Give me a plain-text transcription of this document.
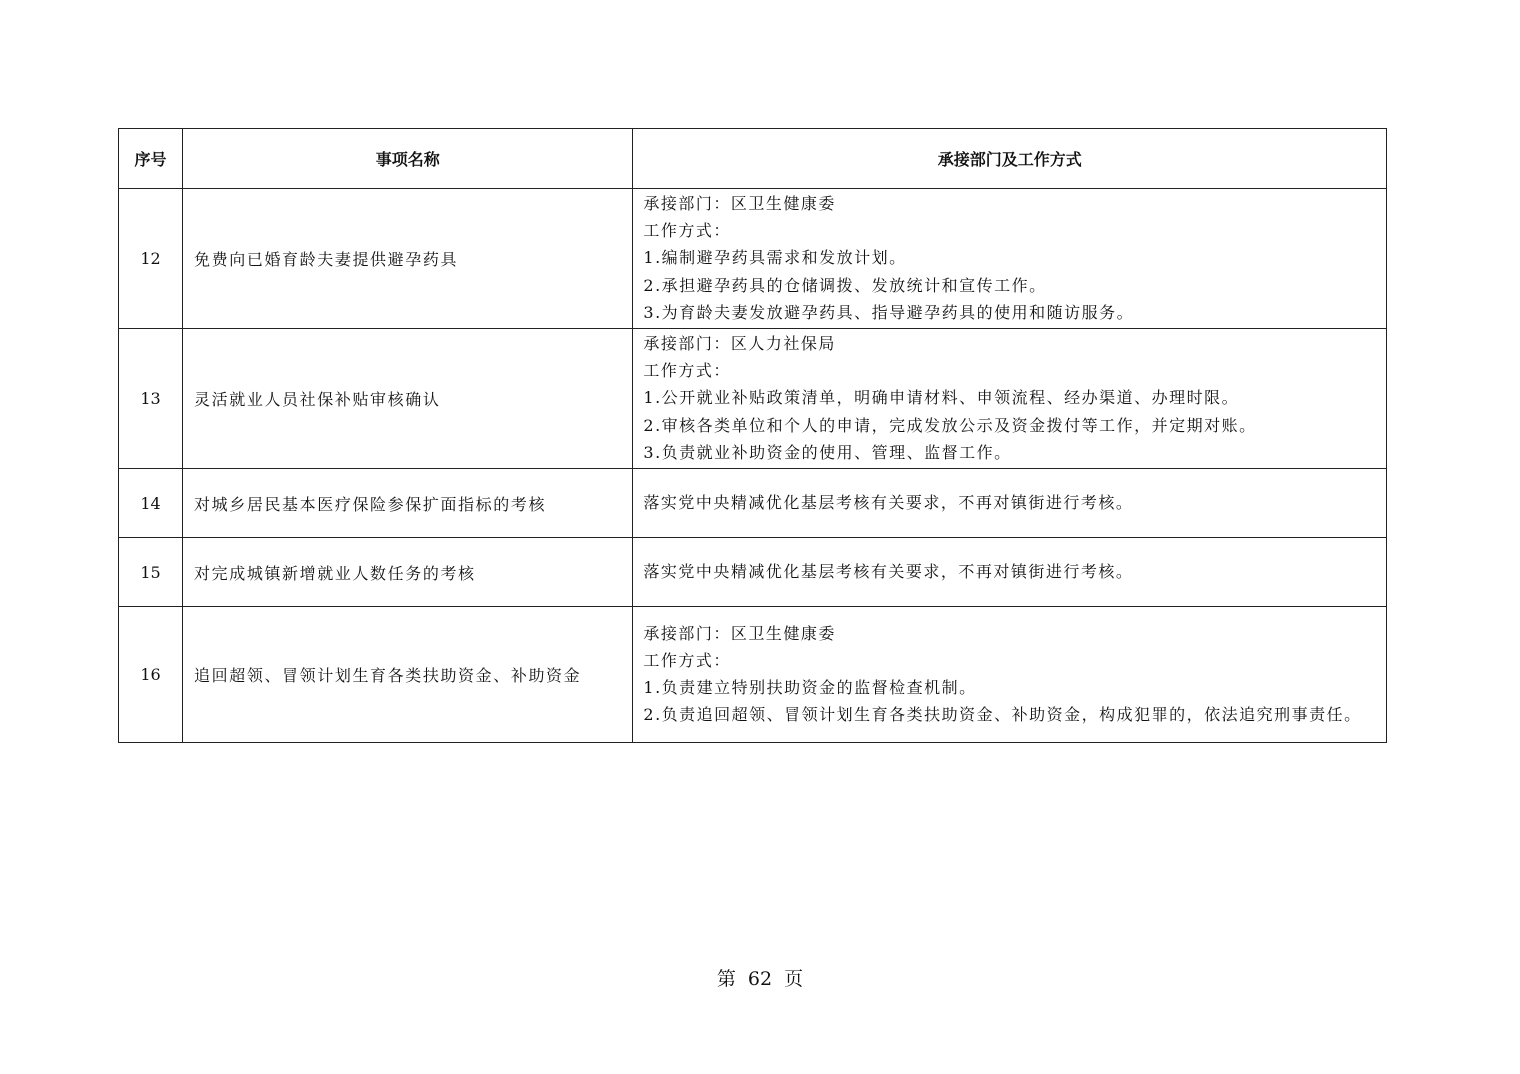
序号	事项名称	承接部门及工作方式
12	免费向已婚育龄夫妻提供避孕药具	承接部门：区卫生健康委
工作方式：
1.编制避孕药具需求和发放计划。
2.承担避孕药具的仓储调拨、发放统计和宣传工作。
3.为育龄夫妻发放避孕药具、指导避孕药具的使用和随访服务。

13	灵活就业人员社保补贴审核确认	承接部门：区人力社保局
工作方式：
1.公开就业补贴政策清单，明确申请材料、申领流程、经办渠道、办理时限。
2.审核各类单位和个人的申请，完成发放公示及资金拨付等工作，并定期对账。
3.负责就业补助资金的使用、管理、监督工作。

14	对城乡居民基本医疗保险参保扩面指标的考核	落实党中央精减优化基层考核有关要求，不再对镇街进行考核。

15	对完成城镇新增就业人数任务的考核	落实党中央精减优化基层考核有关要求，不再对镇街进行考核。

16	追回超领、冒领计划生育各类扶助资金、补助资金	承接部门：区卫生健康委
工作方式：
1.负责建立特别扶助资金的监督检查机制。
2.负责追回超领、冒领计划生育各类扶助资金、补助资金，构成犯罪的，依法追究刑事责任。
第 62 页
